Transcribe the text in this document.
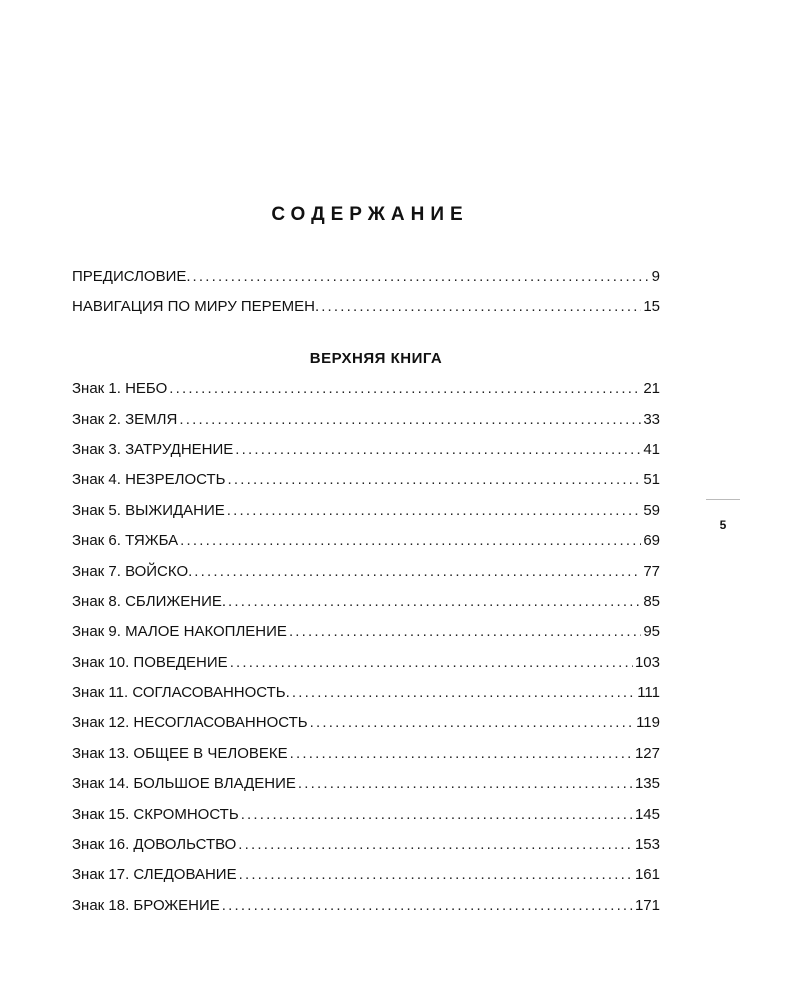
СОДЕРЖАНИЕ
ПРЕДИСЛОВИЕ. .....	9
НАВИГАЦИЯ ПО МИРУ ПЕРЕМЕН. .....	15
ВЕРХНЯЯ КНИГА
Знак 1. НЕБО .....	21
Знак 2. ЗЕМЛЯ .....	33
Знак 3. ЗАТРУДНЕНИЕ .....	41
Знак 4. НЕЗРЕЛОСТЬ .....	51
Знак 5. ВЫЖИДАНИЕ .....	59
Знак 6. ТЯЖБА .....	69
Знак 7. ВОЙСКО. .....	77
Знак 8. СБЛИЖЕНИЕ. .....	85
Знак 9. МАЛОЕ НАКОПЛЕНИЕ .....	95
Знак 10. ПОВЕДЕНИЕ .....	103
Знак 11. СОГЛАСОВАННОСТЬ. .....	111
Знак 12. НЕСОГЛАСОВАННОСТЬ .....	119
Знак 13. ОБЩЕЕ В ЧЕЛОВЕКЕ .....	127
Знак 14. БОЛЬШОЕ ВЛАДЕНИЕ .....	135
Знак 15. СКРОМНОСТЬ .....	145
Знак 16. ДОВОЛЬСТВО .....	153
Знак 17. СЛЕДОВАНИЕ .....	161
Знак 18. БРОЖЕНИЕ .....	171
5
